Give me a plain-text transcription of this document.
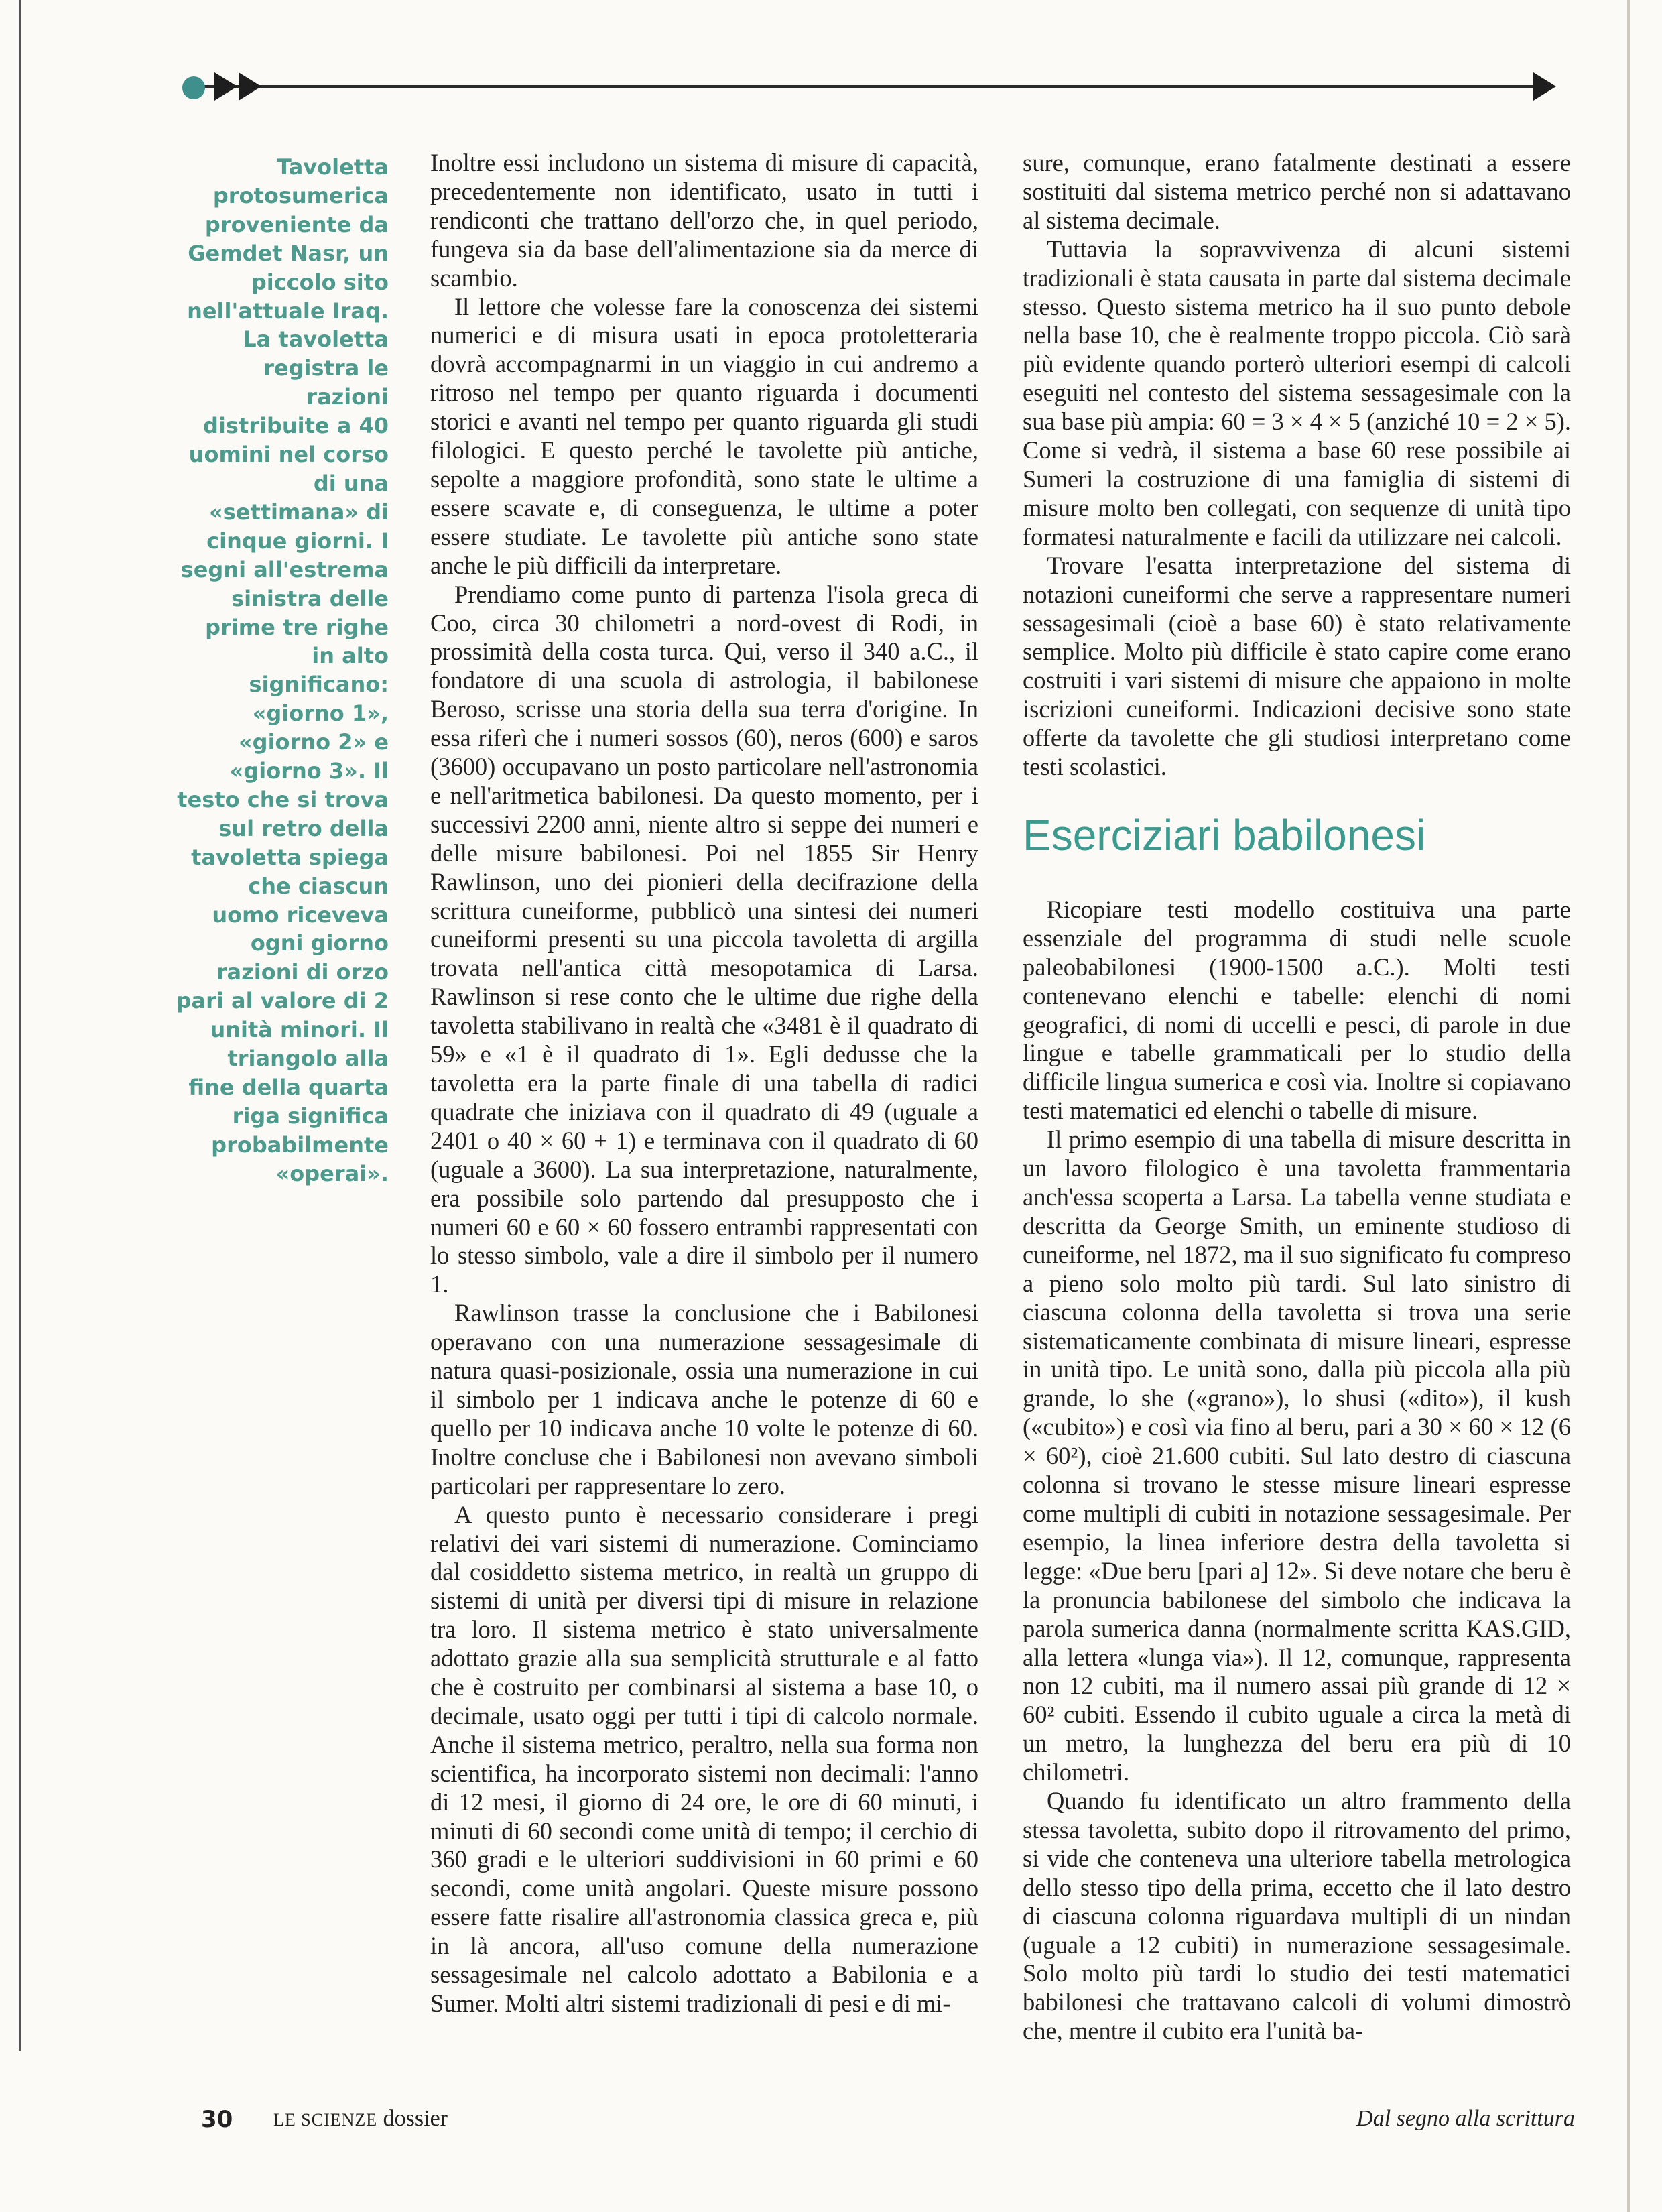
Tavoletta protosumerica proveniente da Gemdet Nasr, un piccolo sito nell'attuale Iraq. La tavoletta registra le razioni distribuite a 40 uomini nel corso di una «settimana» di cinque giorni. I segni all'estrema sinistra delle prime tre righe in alto significano: «giorno 1», «giorno 2» e «giorno 3». Il testo che si trova sul retro della tavoletta spiega che ciascun uomo riceveva ogni giorno razioni di orzo pari al valore di 2 unità minori. Il triangolo alla fine della quarta riga significa probabilmente «operai».

Inoltre essi includono un sistema di misure di capacità, precedentemente non identificato, usato in tutti i rendiconti che trattano dell'orzo che, in quel periodo, fungeva sia da base dell'alimentazione sia da merce di scambio.

Il lettore che volesse fare la conoscenza dei sistemi numerici e di misura usati in epoca protoletteraria dovrà accompagnarmi in un viaggio in cui andremo a ritroso nel tempo per quanto riguarda i documenti storici e avanti nel tempo per quanto riguarda gli studi filologici. E questo perché le tavolette più antiche, sepolte a maggiore profondità, sono state le ultime a essere scavate e, di conseguenza, le ultime a poter essere studiate. Le tavolette più antiche sono state anche le più difficili da interpretare.

Prendiamo come punto di partenza l'isola greca di Coo, circa 30 chilometri a nord-ovest di Rodi, in prossimità della costa turca. Qui, verso il 340 a.C., il fondatore di una scuola di astrologia, il babilonese Beroso, scrisse una storia della sua terra d'origine. In essa riferì che i numeri sossos (60), neros (600) e saros (3600) occupavano un posto particolare nell'astronomia e nell'aritmetica babilonesi. Da questo momento, per i successivi 2200 anni, niente altro si seppe dei numeri e delle misure babilonesi. Poi nel 1855 Sir Henry Rawlinson, uno dei pionieri della decifrazione della scrittura cuneiforme, pubblicò una sintesi dei numeri cuneiformi presenti su una piccola tavoletta di argilla trovata nell'antica città mesopotamica di Larsa. Rawlinson si rese conto che le ultime due righe della tavoletta stabilivano in realtà che «3481 è il quadrato di 59» e «1 è il quadrato di 1». Egli dedusse che la tavoletta era la parte finale di una tabella di radici quadrate che iniziava con il quadrato di 49 (uguale a 2401 o 40 × 60 + 1) e terminava con il quadrato di 60 (uguale a 3600). La sua interpretazione, naturalmente, era possibile solo partendo dal presupposto che i numeri 60 e 60 × 60 fossero entrambi rappresentati con lo stesso simbolo, vale a dire il simbolo per il numero 1.

Rawlinson trasse la conclusione che i Babilonesi operavano con una numerazione sessagesimale di natura quasi-posizionale, ossia una numerazione in cui il simbolo per 1 indicava anche le potenze di 60 e quello per 10 indicava anche 10 volte le potenze di 60. Inoltre concluse che i Babilonesi non avevano simboli particolari per rappresentare lo zero.

A questo punto è necessario considerare i pregi relativi dei vari sistemi di numerazione. Cominciamo dal cosiddetto sistema metrico, in realtà un gruppo di sistemi di unità per diversi tipi di misure in relazione tra loro. Il sistema metrico è stato universalmente adottato grazie alla sua semplicità strutturale e al fatto che è costruito per combinarsi al sistema a base 10, o decimale, usato oggi per tutti i tipi di calcolo normale. Anche il sistema metrico, peraltro, nella sua forma non scientifica, ha incorporato sistemi non decimali: l'anno di 12 mesi, il giorno di 24 ore, le ore di 60 minuti, i minuti di 60 secondi come unità di tempo; il cerchio di 360 gradi e le ulteriori suddivisioni in 60 primi e 60 secondi, come unità angolari. Queste misure possono essere fatte risalire all'astronomia classica greca e, più in là ancora, all'uso comune della numerazione sessagesimale nel calcolo adottato a Babilonia e a Sumer. Molti altri sistemi tradizionali di pesi e di mi-

sure, comunque, erano fatalmente destinati a essere sostituiti dal sistema metrico perché non si adattavano al sistema decimale.

Tuttavia la sopravvivenza di alcuni sistemi tradizionali è stata causata in parte dal sistema decimale stesso. Questo sistema metrico ha il suo punto debole nella base 10, che è realmente troppo piccola. Ciò sarà più evidente quando porterò ulteriori esempi di calcoli eseguiti nel contesto del sistema sessagesimale con la sua base più ampia: 60 = 3 × 4 × 5 (anziché 10 = 2 × 5). Come si vedrà, il sistema a base 60 rese possibile ai Sumeri la costruzione di una famiglia di sistemi di misure molto ben collegati, con sequenze di unità tipo formatesi naturalmente e facili da utilizzare nei calcoli.

Trovare l'esatta interpretazione del sistema di notazioni cuneiformi che serve a rappresentare numeri sessagesimali (cioè a base 60) è stato relativamente semplice. Molto più difficile è stato capire come erano costruiti i vari sistemi di misure che appaiono in molte iscrizioni cuneiformi. Indicazioni decisive sono state offerte da tavolette che gli studiosi interpretano come testi scolastici.

Eserciziari babilonesi

Ricopiare testi modello costituiva una parte essenziale del programma di studi nelle scuole paleobabilonesi (1900-1500 a.C.). Molti testi contenevano elenchi e tabelle: elenchi di nomi geografici, di nomi di uccelli e pesci, di parole in due lingue e tabelle grammaticali per lo studio della difficile lingua sumerica e così via. Inoltre si copiavano testi matematici ed elenchi o tabelle di misure.

Il primo esempio di una tabella di misure descritta in un lavoro filologico è una tavoletta frammentaria anch'essa scoperta a Larsa. La tabella venne studiata e descritta da George Smith, un eminente studioso di cuneiforme, nel 1872, ma il suo significato fu compreso a pieno solo molto più tardi. Sul lato sinistro di ciascuna colonna della tavoletta si trova una serie sistematicamente combinata di misure lineari, espresse in unità tipo. Le unità sono, dalla più piccola alla più grande, lo she («grano»), lo shusi («dito»), il kush («cubito») e così via fino al beru, pari a 30 × 60 × 12 (6 × 60²), cioè 21.600 cubiti. Sul lato destro di ciascuna colonna si trovano le stesse misure lineari espresse come multipli di cubiti in notazione sessagesimale. Per esempio, la linea inferiore destra della tavoletta si legge: «Due beru [pari a] 12». Si deve notare che beru è la pronuncia babilonese del simbolo che indicava la parola sumerica danna (normalmente scritta KAS.GID, alla lettera «lunga via»). Il 12, comunque, rappresenta non 12 cubiti, ma il numero assai più grande di 12 × 60² cubiti. Essendo il cubito uguale a circa la metà di un metro, la lunghezza del beru era più di 10 chilometri.

Quando fu identificato un altro frammento della stessa tavoletta, subito dopo il ritrovamento del primo, si vide che conteneva una ulteriore tabella metrologica dello stesso tipo della prima, eccetto che il lato destro di ciascuna colonna riguardava multipli di un nindan (uguale a 12 cubiti) in numerazione sessagesimale. Solo molto più tardi lo studio dei testi matematici babilonesi che trattavano calcoli di volumi dimostrò che, mentre il cubito era l'unità ba-

30 LE SCIENZE dossier	Dal segno alla scrittura
